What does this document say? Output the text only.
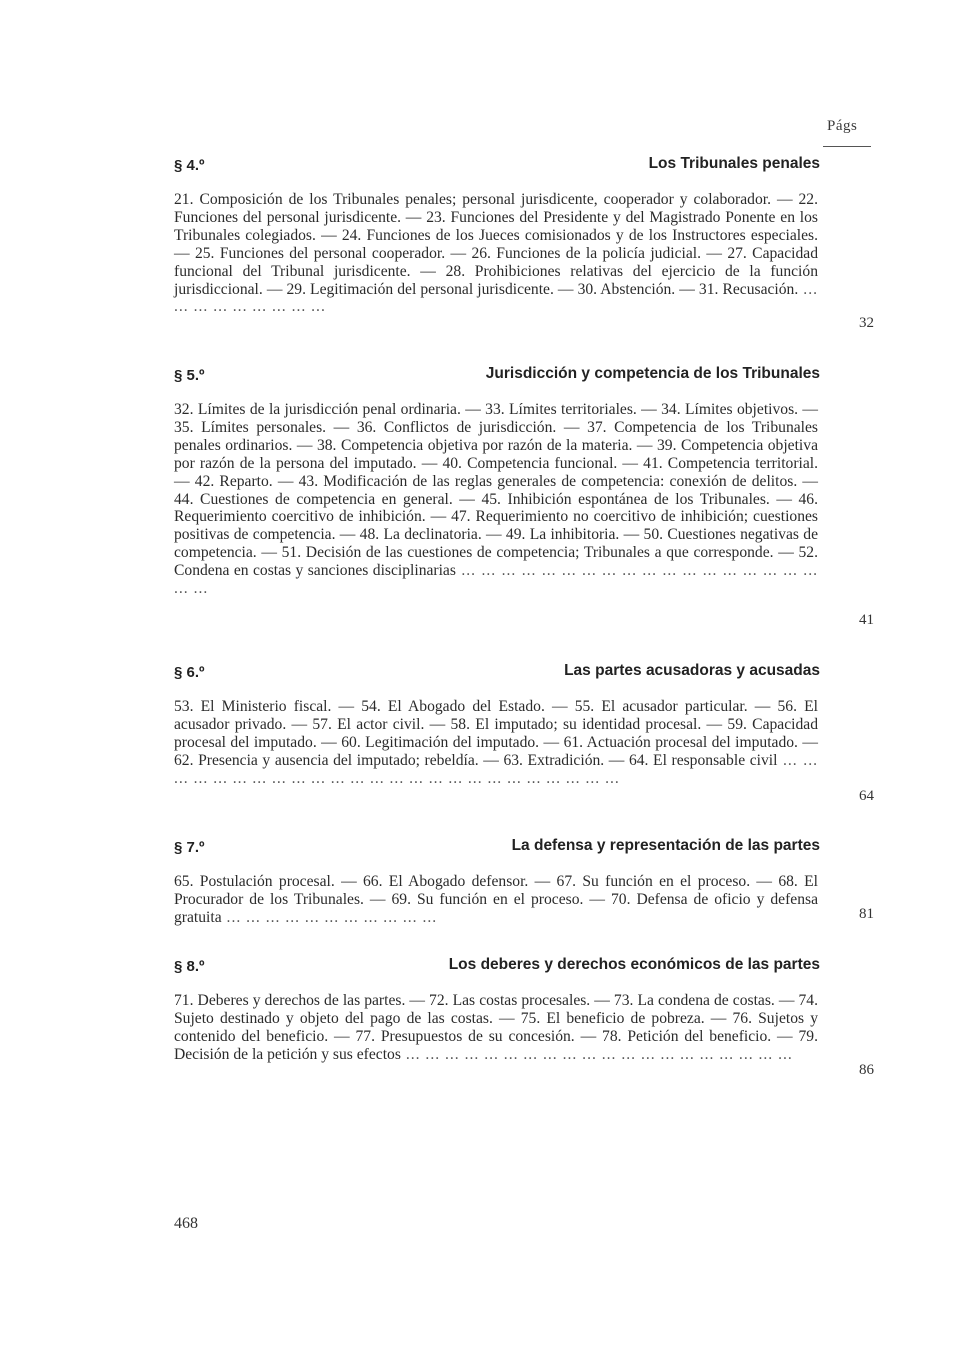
Págs
§ 4.º	Los Tribunales penales
21. Composición de los Tribunales penales; personal jurisdicente, cooperador y colaborador. — 22. Funciones del personal jurisdicente. — 23. Funciones del Presidente y del Magistrado Ponente en los Tribunales colegiados. — 24. Funciones de los Jueces comisionados y de los Instructores especiales. — 25. Funciones del personal cooperador. — 26. Funciones de la policía judicial. — 27. Capacidad funcional del Tribunal jurisdicente. — 28. Prohibiciones relativas del ejercicio de la función jurisdiccional. — 29. Legitimación del personal jurisdicente. — 30. Abstención. — 31. Recusación. ... ... ... ... ... ... ... ... ...
32
§ 5.º	Jurisdicción y competencia de los Tribunales
32. Límites de la jurisdicción penal ordinaria. — 33. Límites territoriales. — 34. Límites objetivos. — 35. Límites personales. — 36. Conflictos de jurisdicción. — 37. Competencia de los Tribunales penales ordinarios. — 38. Competencia objetiva por razón de la materia. — 39. Competencia objetiva por razón de la persona del imputado. — 40. Competencia funcional. — 41. Competencia territorial. — 42. Reparto. — 43. Modificación de las reglas generales de competencia: conexión de delitos. — 44. Cuestiones de competencia en general. — 45. Inhibición espontánea de los Tribunales. — 46. Requerimiento coercitivo de inhibición. — 47. Requerimiento no coercitivo de inhibición; cuestiones positivas de competencia. — 48. La declinatoria. — 49. La inhibitoria. — 50. Cuestiones negativas de competencia. — 51. Decisión de las cuestiones de competencia; Tribunales a que corresponde. — 52. Condena en costas y sanciones disciplinarias ... ... ... ... ... ... ... ... ... ... ... ... ... ... ... ... ... ... ... ...
41
§ 6.º	Las partes acusadoras y acusadas
53. El Ministerio fiscal. — 54. El Abogado del Estado. — 55. El acusador particular. — 56. El acusador privado. — 57. El actor civil. — 58. El imputado; su identidad procesal. — 59. Capacidad procesal del imputado. — 60. Legitimación del imputado. — 61. Actuación procesal del imputado. — 62. Presencia y ausencia del imputado; rebeldía. — 63. Extradición. — 64. El responsable civil ... ... ... ... ... ... ... ... ... ... ... ... ... ... ... ... ... ... ... ... ... ... ... ... ...
64
§ 7.º	La defensa y representación de las partes
65. Postulación procesal. — 66. El Abogado defensor. — 67. Su función en el proceso. — 68. El Procurador de los Tribunales. — 69. Su función en el proceso. — 70. Defensa de oficio y defensa gratuita ... ... ... ... ... ... ... ... ... ... ...	81
§ 8.º	Los deberes y derechos económicos de las partes
71. Deberes y derechos de las partes. — 72. Las costas procesales. — 73. La condena de costas. — 74. Sujeto destinado y objeto del pago de las costas. — 75. El beneficio de pobreza. — 76. Sujetos y contenido del beneficio. — 77. Presupuestos de su concesión. — 78. Petición del beneficio. — 79. Decisión de la petición y sus efectos ... ... ... ... ... ... ... ... ... ... ... ... ... ... ... ... ... ... ... ...
86
468
